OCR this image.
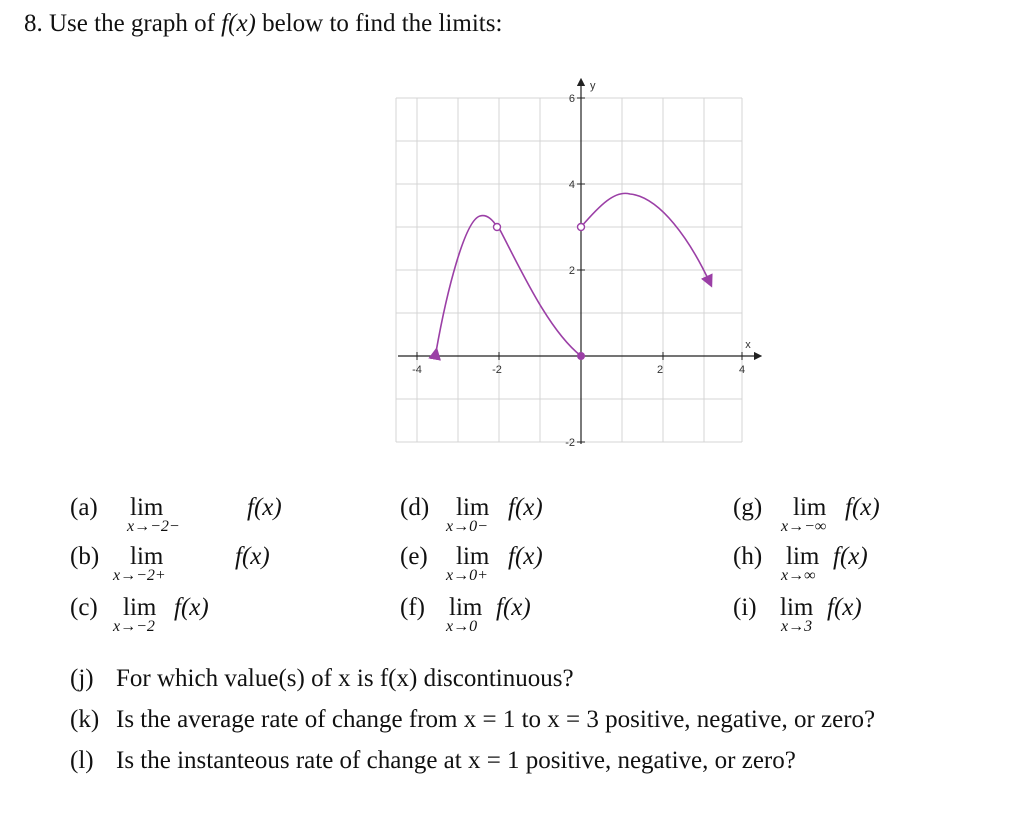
8. Use the graph of f(x) below to find the limits:
-4	-2	2	4
6
4
2
-2
x
y
(a) lim
x→−2−
f(x)
(b) lim
x→−2+
f(x)
(c) lim
x→−2
f(x)
(d) lim
x→0−
f(x)
(e) lim
x→0+
f(x)
(f) lim
x→0
f(x)
(g) lim
x→−∞
f(x)
(h) lim
x→∞
f(x)
(i) lim
x→3
f(x)
(j) For which value(s) of x is f(x) discontinuous?
(k) Is the average rate of change from x = 1 to x = 3 positive, negative, or zero?
(l) Is the instanteous rate of change at x = 1 positive, negative, or zero?
